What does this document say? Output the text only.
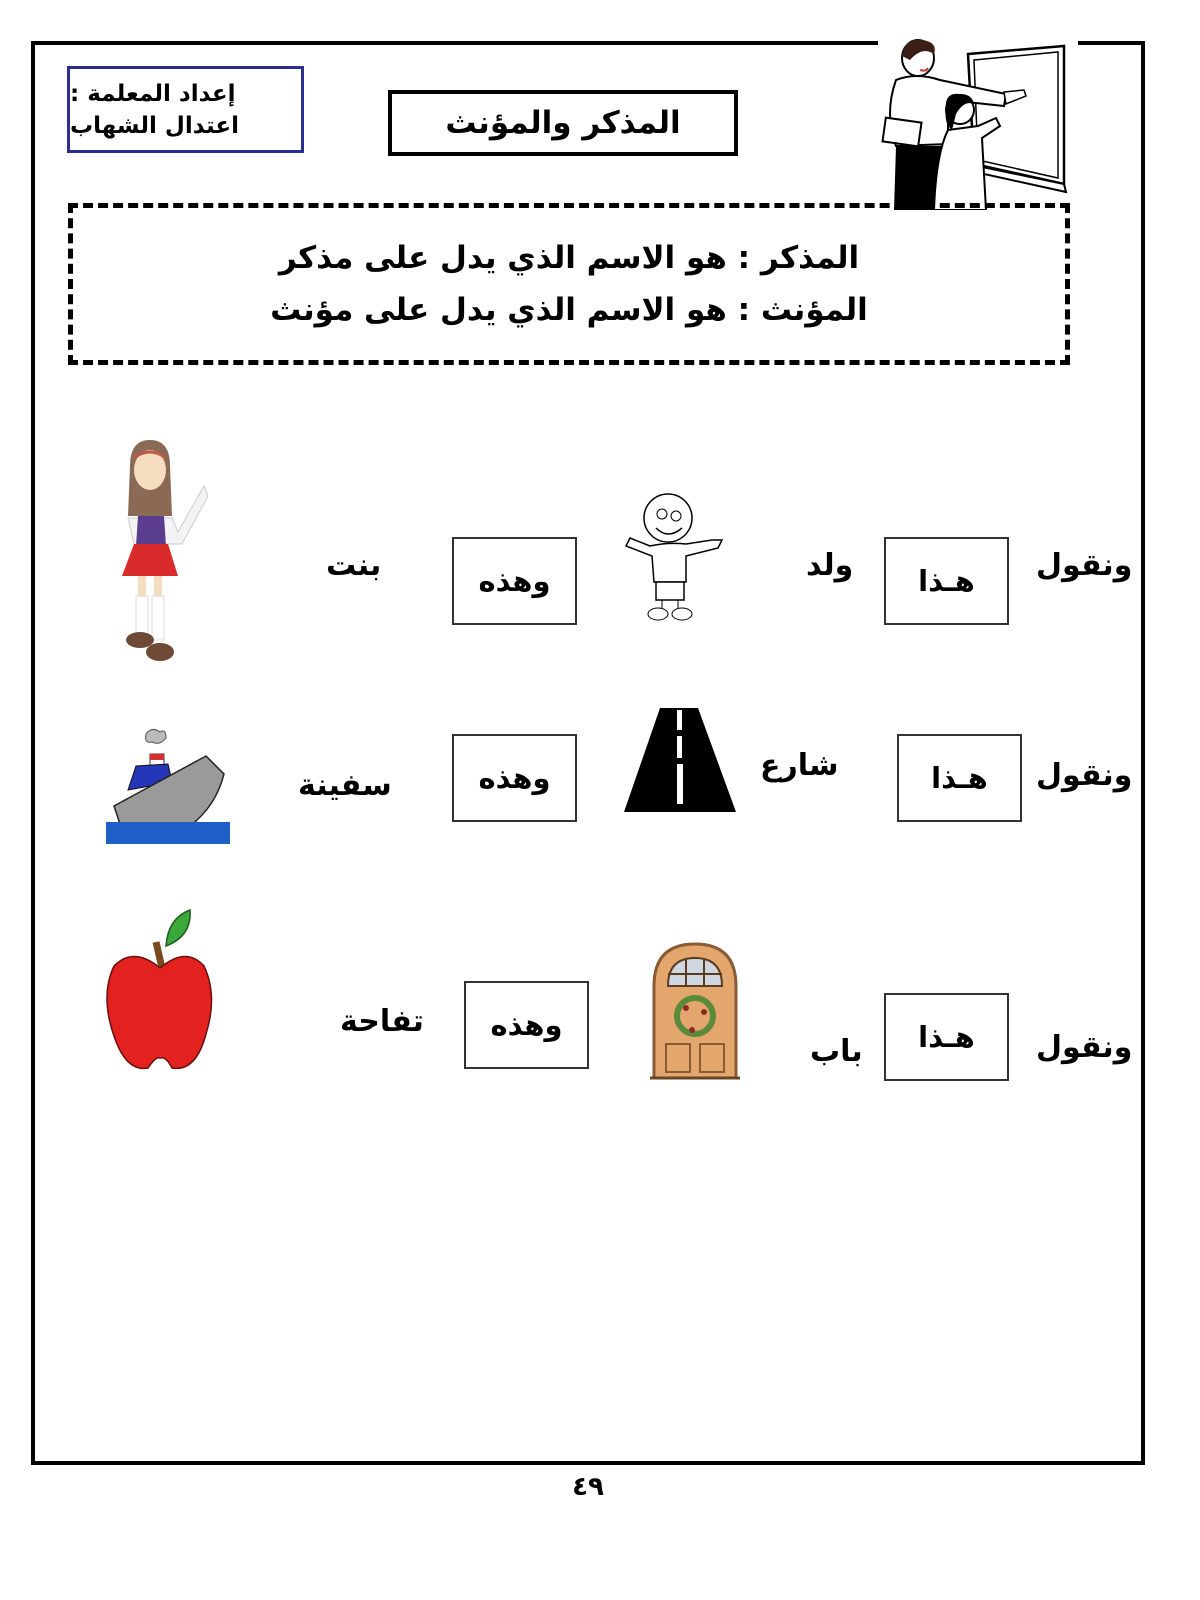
إعداد المعلمة :
اعتدال الشهاب	المذكر والمؤنث
المذكر : هو الاسم الذي يدل على مذكر
المؤنث : هو الاسم الذي يدل على مؤنث
ونقول
هـذا
ولد
وهذه
بنت
ونقول
هـذا
شارع
وهذه
سفينة
ونقول
هـذا
باب
وهذه
تفاحة
٤٩
